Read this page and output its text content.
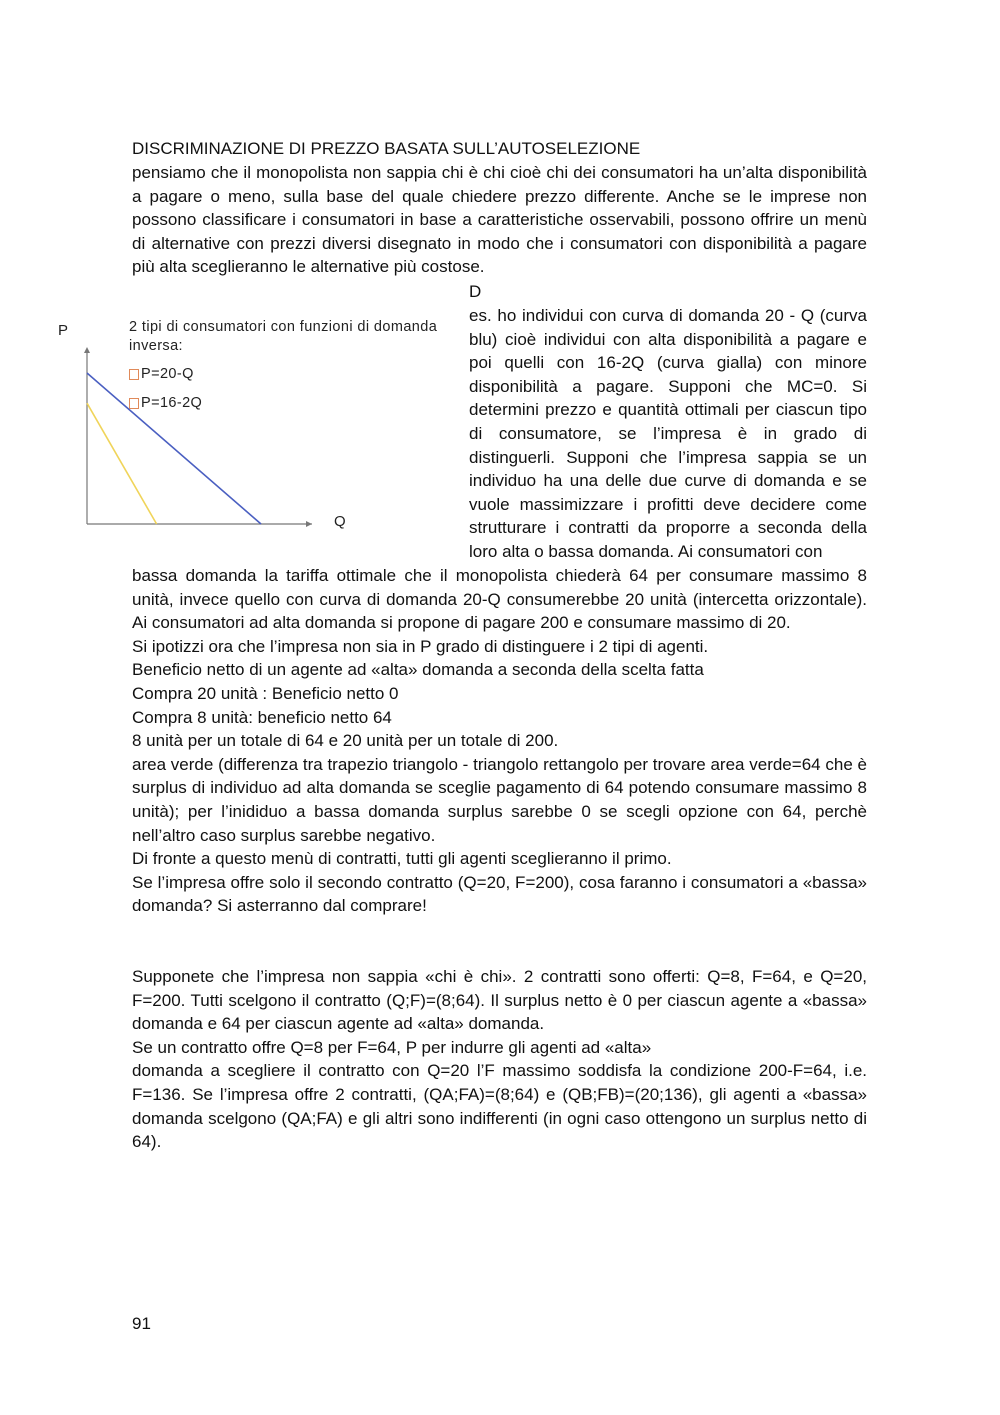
DISCRIMINAZIONE DI PREZZO BASATA SULL’AUTOSELEZIONE

pensiamo che il monopolista non sappia chi è chi cioè chi dei consumatori ha un’alta disponibilità a pagare o meno, sulla base del quale chiedere prezzo differente. Anche se le imprese non possono classificare i consumatori in base a caratteristiche osservabili, possono offrire un menù di alternative con prezzi diversi disegnato in modo che i consumatori con disponibilità a pagare più alta sceglieranno le alternative più costose.

D

es. ho individui con curva di domanda 20 - Q (curva blu) cioè individui con alta disponibilità a pagare e poi quelli con 16-2Q (curva gialla) con minore disponibilità a pagare. Supponi che MC=0. Si determini prezzo e quantità ottimali per ciascun tipo di consumatore, se l’impresa è in grado di distinguerli. Supponi che l’impresa sappia se un individuo ha una delle due curve di domanda e se vuole massimizzare i profitti deve decidere come strutturare i contratti da proporre a seconda della loro alta o bassa domanda. Ai consumatori con

P
Q
2 tipi di consumatori con funzioni di domanda inversa:
P=20-Q
P=16-2Q

bassa domanda la tariffa ottimale che il monopolista chiederà 64 per consumare massimo 8 unità, invece quello con curva di domanda 20-Q consumerebbe 20 unità (intercetta orizzontale). Ai consumatori ad alta domanda si propone di pagare 200 e consumare massimo di 20.

Si ipotizzi ora che l’impresa non sia in P grado di distinguere i 2 tipi di agenti.

Beneficio netto di un agente ad «alta» domanda a seconda della scelta fatta

Compra 20 unità : Beneficio netto 0

Compra 8 unità: beneficio netto 64

8 unità per un totale di 64 e 20 unità per un totale di 200.

area verde (differenza tra trapezio triangolo - triangolo rettangolo per trovare area verde=64 che è surplus di individuo ad alta domanda se sceglie pagamento di 64 potendo consumare massimo 8 unità); per l’inididuo a bassa domanda surplus sarebbe 0 se scegli opzione con 64, perchè nell’altro caso surplus sarebbe negativo.

Di fronte a questo menù di contratti, tutti gli agenti sceglieranno il primo.

Se l’impresa offre solo il secondo contratto (Q=20, F=200), cosa faranno i consumatori a «bassa» domanda? Si asterranno dal comprare!

Supponete che l’impresa non sappia «chi è chi». 2 contratti sono offerti: Q=8, F=64, e Q=20, F=200. Tutti scelgono il contratto (Q;F)=(8;64). Il surplus netto è 0 per ciascun agente a «bassa» domanda e 64 per ciascun agente ad «alta» domanda.

Se un contratto offre Q=8 per F=64, P per indurre gli agenti ad «alta»

domanda a scegliere il contratto con Q=20 l’F massimo soddisfa la condizione 200-F=64, i.e. F=136. Se l’impresa offre 2 contratti, (QA;FA)=(8;64) e (QB;FB)=(20;136), gli agenti a «bassa» domanda scelgono (QA;FA) e gli altri sono indifferenti (in ogni caso ottengono un surplus netto di 64).

91
